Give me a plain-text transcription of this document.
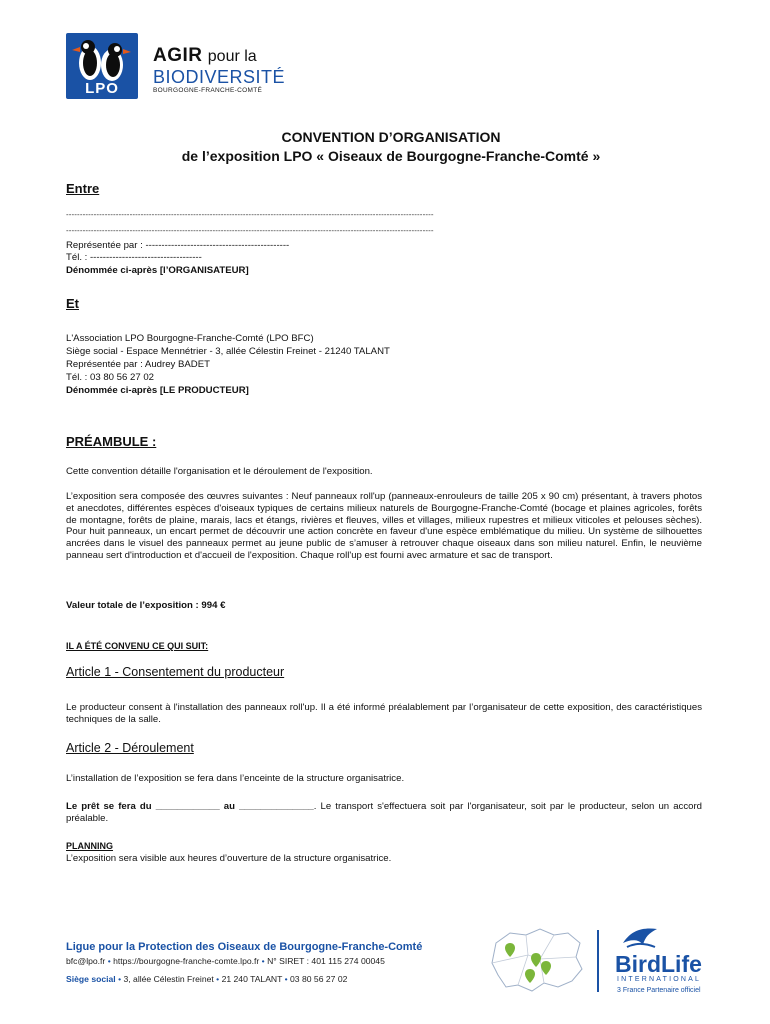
LPO
AGIR pour la
BIODIVERSITÉ
BOURGOGNE-FRANCHE-COMTÉ
CONVENTION D’ORGANISATION
de l’exposition LPO « Oiseaux de Bourgogne-Franche-Comté »
Entre
-------------------------------------------------------------------------------------------------------------------------------------
-------------------------------------------------------------------------------------------------------------------------------------
Représentée par : ---------------------------------------------
Tél. : -----------------------------------
Dénommée ci-après [l’ORGANISATEUR]
Et
L'Association LPO Bourgogne-Franche-Comté (LPO BFC)
Siège social - Espace Mennétrier - 3, allée Célestin Freinet - 21240 TALANT
Représentée par : Audrey BADET
Tél. : 03 80 56 27 02
Dénommée ci-après [LE PRODUCTEUR]
PRÉAMBULE :
Cette convention détaille l'organisation et le déroulement de l'exposition.
L’exposition sera composée des œuvres suivantes : Neuf panneaux roll'up (panneaux-enrouleurs de taille 205 x 90 cm) présentant, à travers photos et anecdotes, différentes espèces d'oiseaux typiques de certains milieux naturels de Bourgogne-Franche-Comté (bocage et plaines agricoles, forêts de montagne, forêts de plaine, marais, lacs et étangs, rivières et fleuves, villes et villages, milieux rupestres et milieux viticoles et pelouses sèches). Pour huit panneaux, un encart permet de découvrir une action concrète en faveur d'une espèce emblématique du milieu. Un système de silhouettes ancrées dans le visuel des panneaux permet au jeune public de s’amuser à retrouver chaque oiseaux dans son milieu naturel. Enfin, le neuvième panneau sert d'introduction et d'accueil de l'exposition. Chaque roll'up est fourni avec armature et sac de transport.
Valeur totale de l’exposition : 994 €
IL A ÉTÉ CONVENU CE QUI SUIT:
Article 1 - Consentement du producteur
Le producteur consent à l'installation des panneaux roll'up. Il a été informé préalablement par l’organisateur de cette exposition, des caractéristiques techniques de la salle.
Article 2 - Déroulement
L’installation de l’exposition se fera dans l’enceinte de la structure organisatrice.
Le prêt se fera du ____________ au ______________. Le transport s'effectuera soit par l'organisateur, soit par le producteur, selon un accord préalable.
PLANNING
L’exposition sera visible aux heures d’ouverture de la structure organisatrice.
Ligue pour la Protection des Oiseaux de Bourgogne-Franche-Comté
bfc@lpo.fr • https://bourgogne-franche-comte.lpo.fr • N° SIRET : 401 115 274 00045
Siège social • 3, allée Célestin Freinet • 21 240 TALANT • 03 80 56 27 02
BirdLife
INTERNATIONAL
3 France Partenaire officiel
